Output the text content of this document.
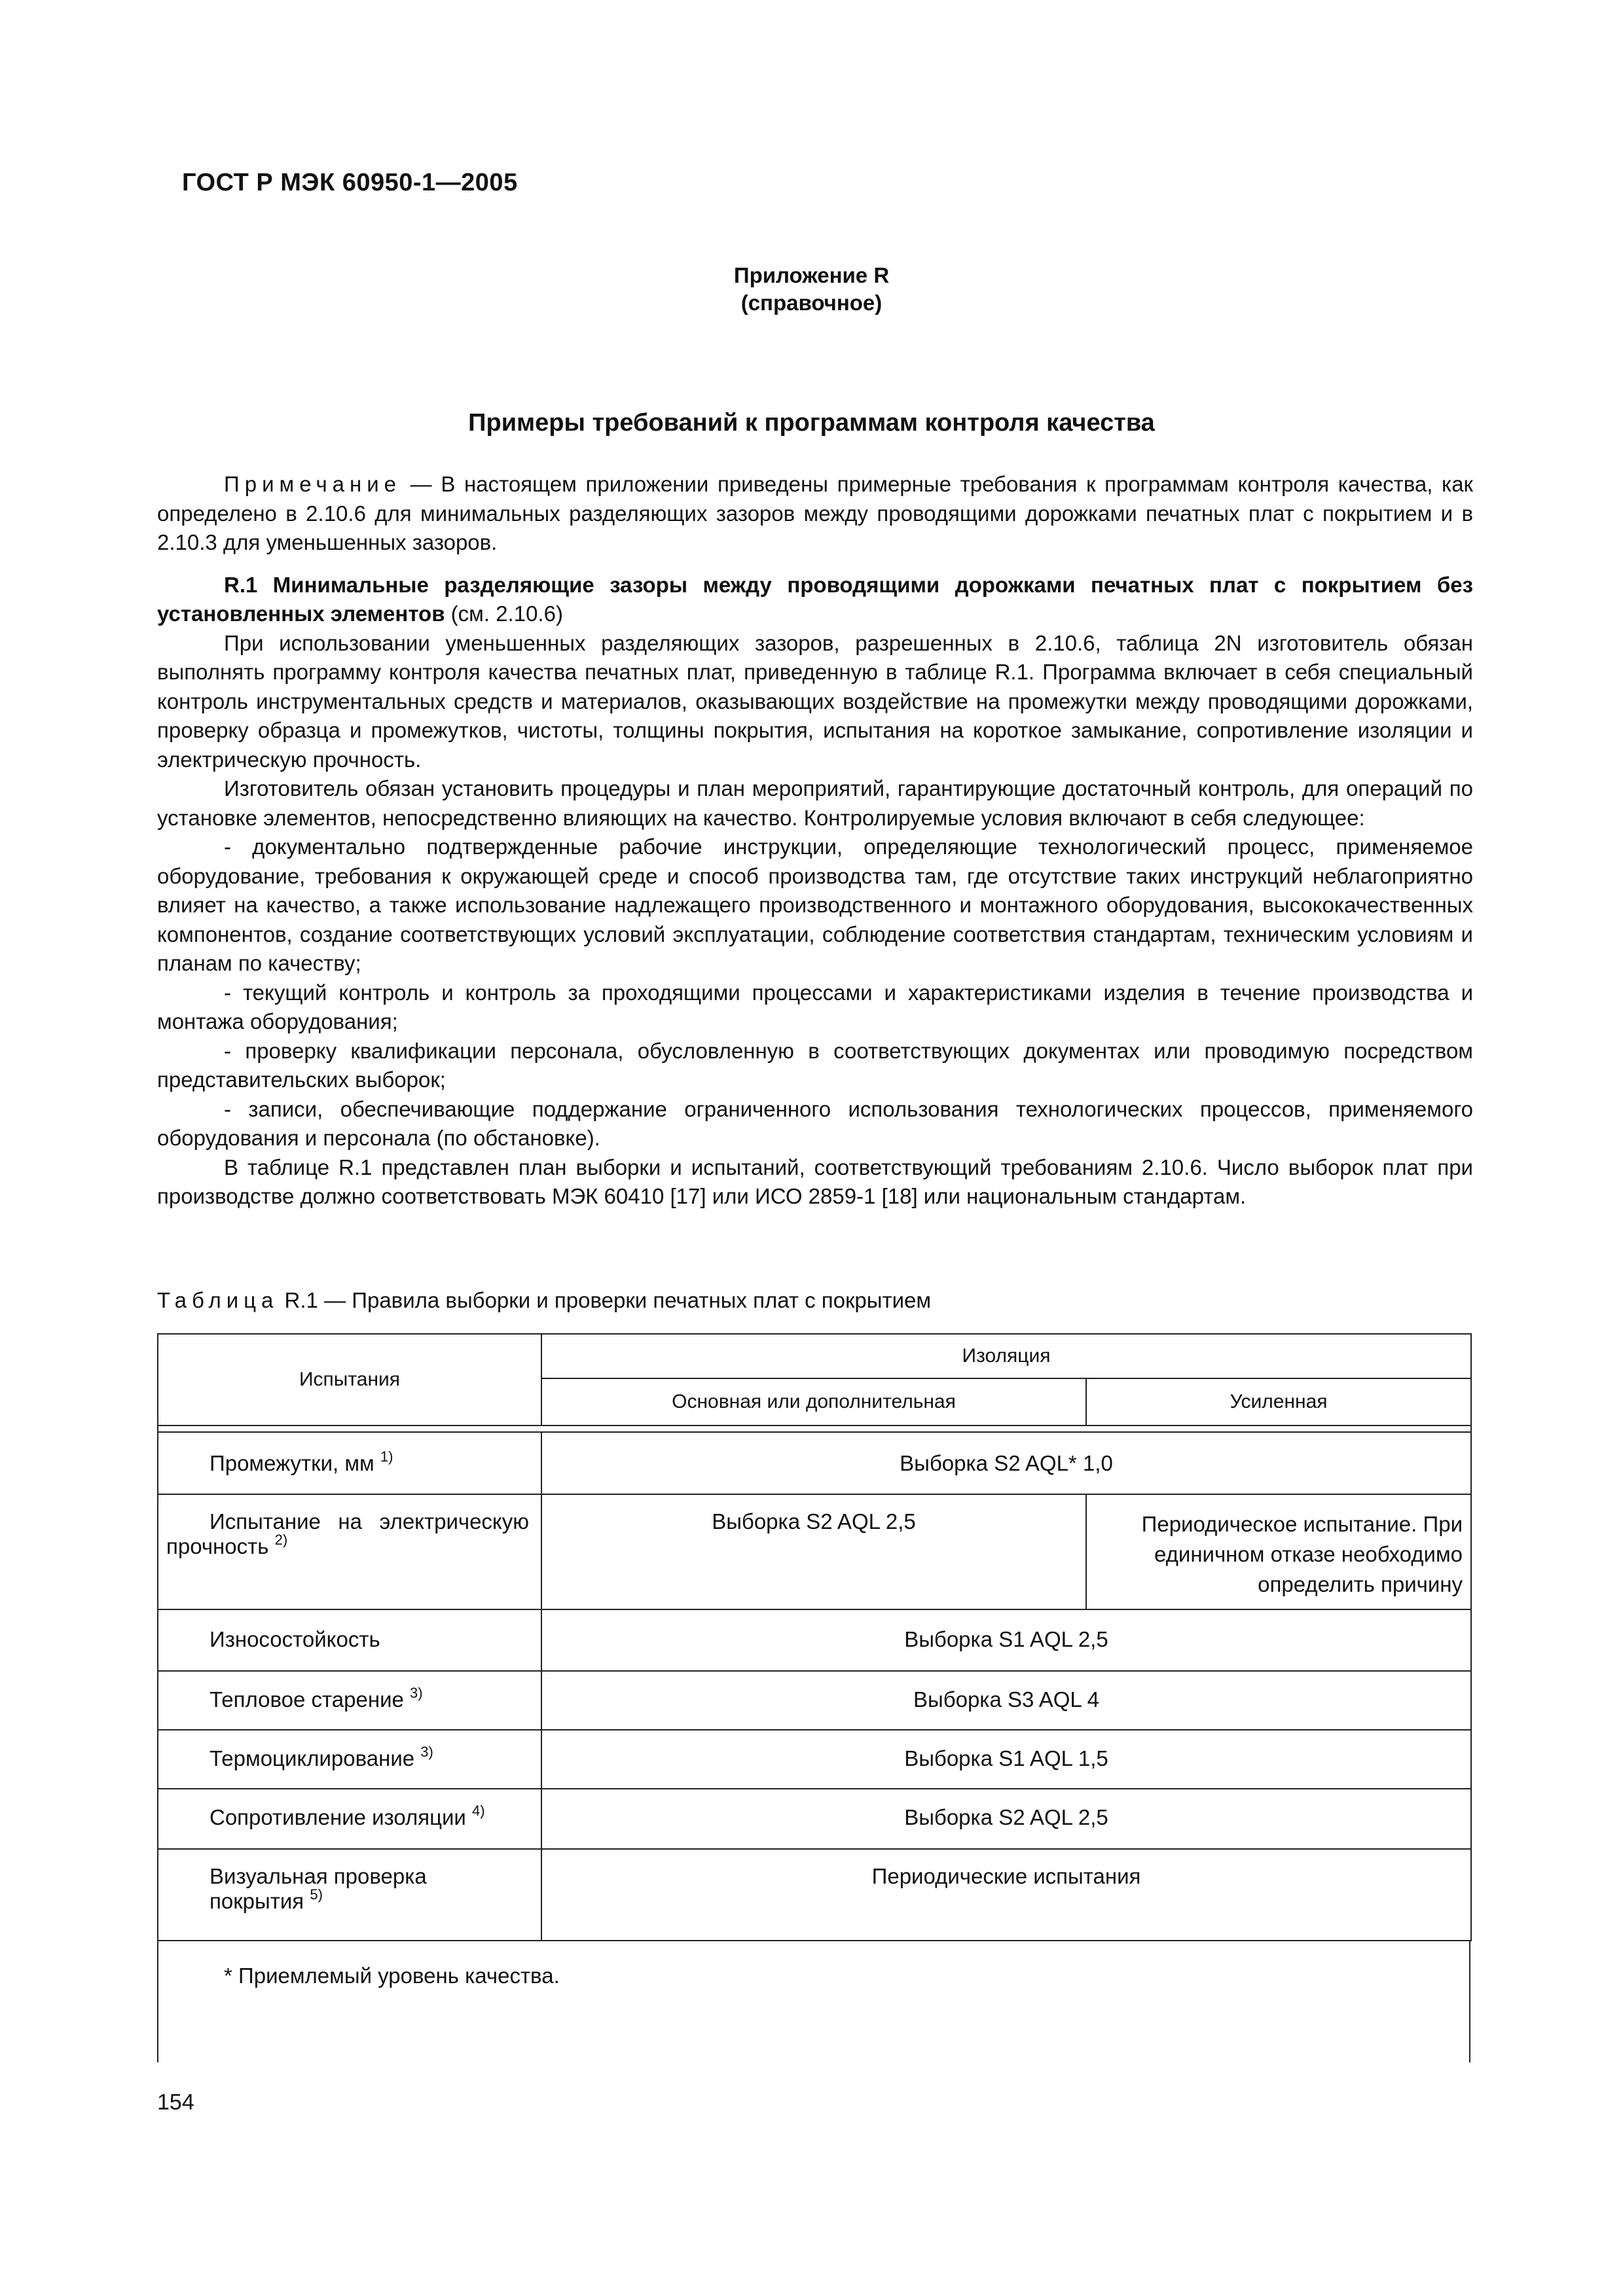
ГОСТ Р МЭК 60950-1—2005
Приложение R
(справочное)
Примеры требований к программам контроля качества

Примечание — В настоящем приложении приведены примерные требования к программам контроля качества, как определено в 2.10.6 для минимальных разделяющих зазоров между проводящими дорожками печатных плат с покрытием и в 2.10.3 для уменьшенных зазоров.

R.1 Минимальные разделяющие зазоры между проводящими дорожками печатных плат с покрытием без установленных элементов (см. 2.10.6)

При использовании уменьшенных разделяющих зазоров, разрешенных в 2.10.6, таблица 2N изготовитель обязан выполнять программу контроля качества печатных плат, приведенную в таблице R.1. Программа включает в себя специальный контроль инструментальных средств и материалов, оказывающих воздействие на промежутки между проводящими дорожками, проверку образца и промежутков, чистоты, толщины покрытия, испытания на короткое замыкание, сопротивление изоляции и электрическую прочность.

Изготовитель обязан установить процедуры и план мероприятий, гарантирующие достаточный контроль, для операций по установке элементов, непосредственно влияющих на качество. Контролируемые условия включают в себя следующее:

- документально подтвержденные рабочие инструкции, определяющие технологический процесс, применяемое оборудование, требования к окружающей среде и способ производства там, где отсутствие таких инструкций неблагоприятно влияет на качество, а также использование надлежащего производственного и монтажного оборудования, высококачественных компонентов, создание соответствующих условий эксплуатации, соблюдение соответствия стандартам, техническим условиям и планам по качеству;

- текущий контроль и контроль за проходящими процессами и характеристиками изделия в течение производства и монтажа оборудования;

- проверку квалификации персонала, обусловленную в соответствующих документах или проводимую посредством представительских выборок;

- записи, обеспечивающие поддержание ограниченного использования технологических процессов, применяемого оборудования и персонала (по обстановке).

В таблице R.1 представлен план выборки и испытаний, соответствующий требованиям 2.10.6. Число выборок плат при производстве должно соответствовать МЭК 60410 [17] или ИСО 2859-1 [18] или национальным стандартам.

Таблица R.1 — Правила выборки и проверки печатных плат с покрытием
Испытания	Изоляция	
	Основная или дополнительная	Усиленная

Промежутки, мм $^{1)}$	Выборка S2 AQL* 1,0	
Испытание на электрическую прочность $^{2)}$	Выборка S2 AQL 2,5	Периодическое испытание. При единичном отказе необходимо определить причину
Износостойкость	Выборка S1 AQL 2,5	
Тепловое старение $^{3)}$	Выборка S3 AQL 4	
Термоциклирование $^{3)}$	Выборка S1 AQL 1,5	
Сопротивление изоляции $^{4)}$	Выборка S2 AQL 2,5	
Визуальная проверка покрытия $^{5)}$	Периодические испытания	
* Приемлемый уровень качества.
154
